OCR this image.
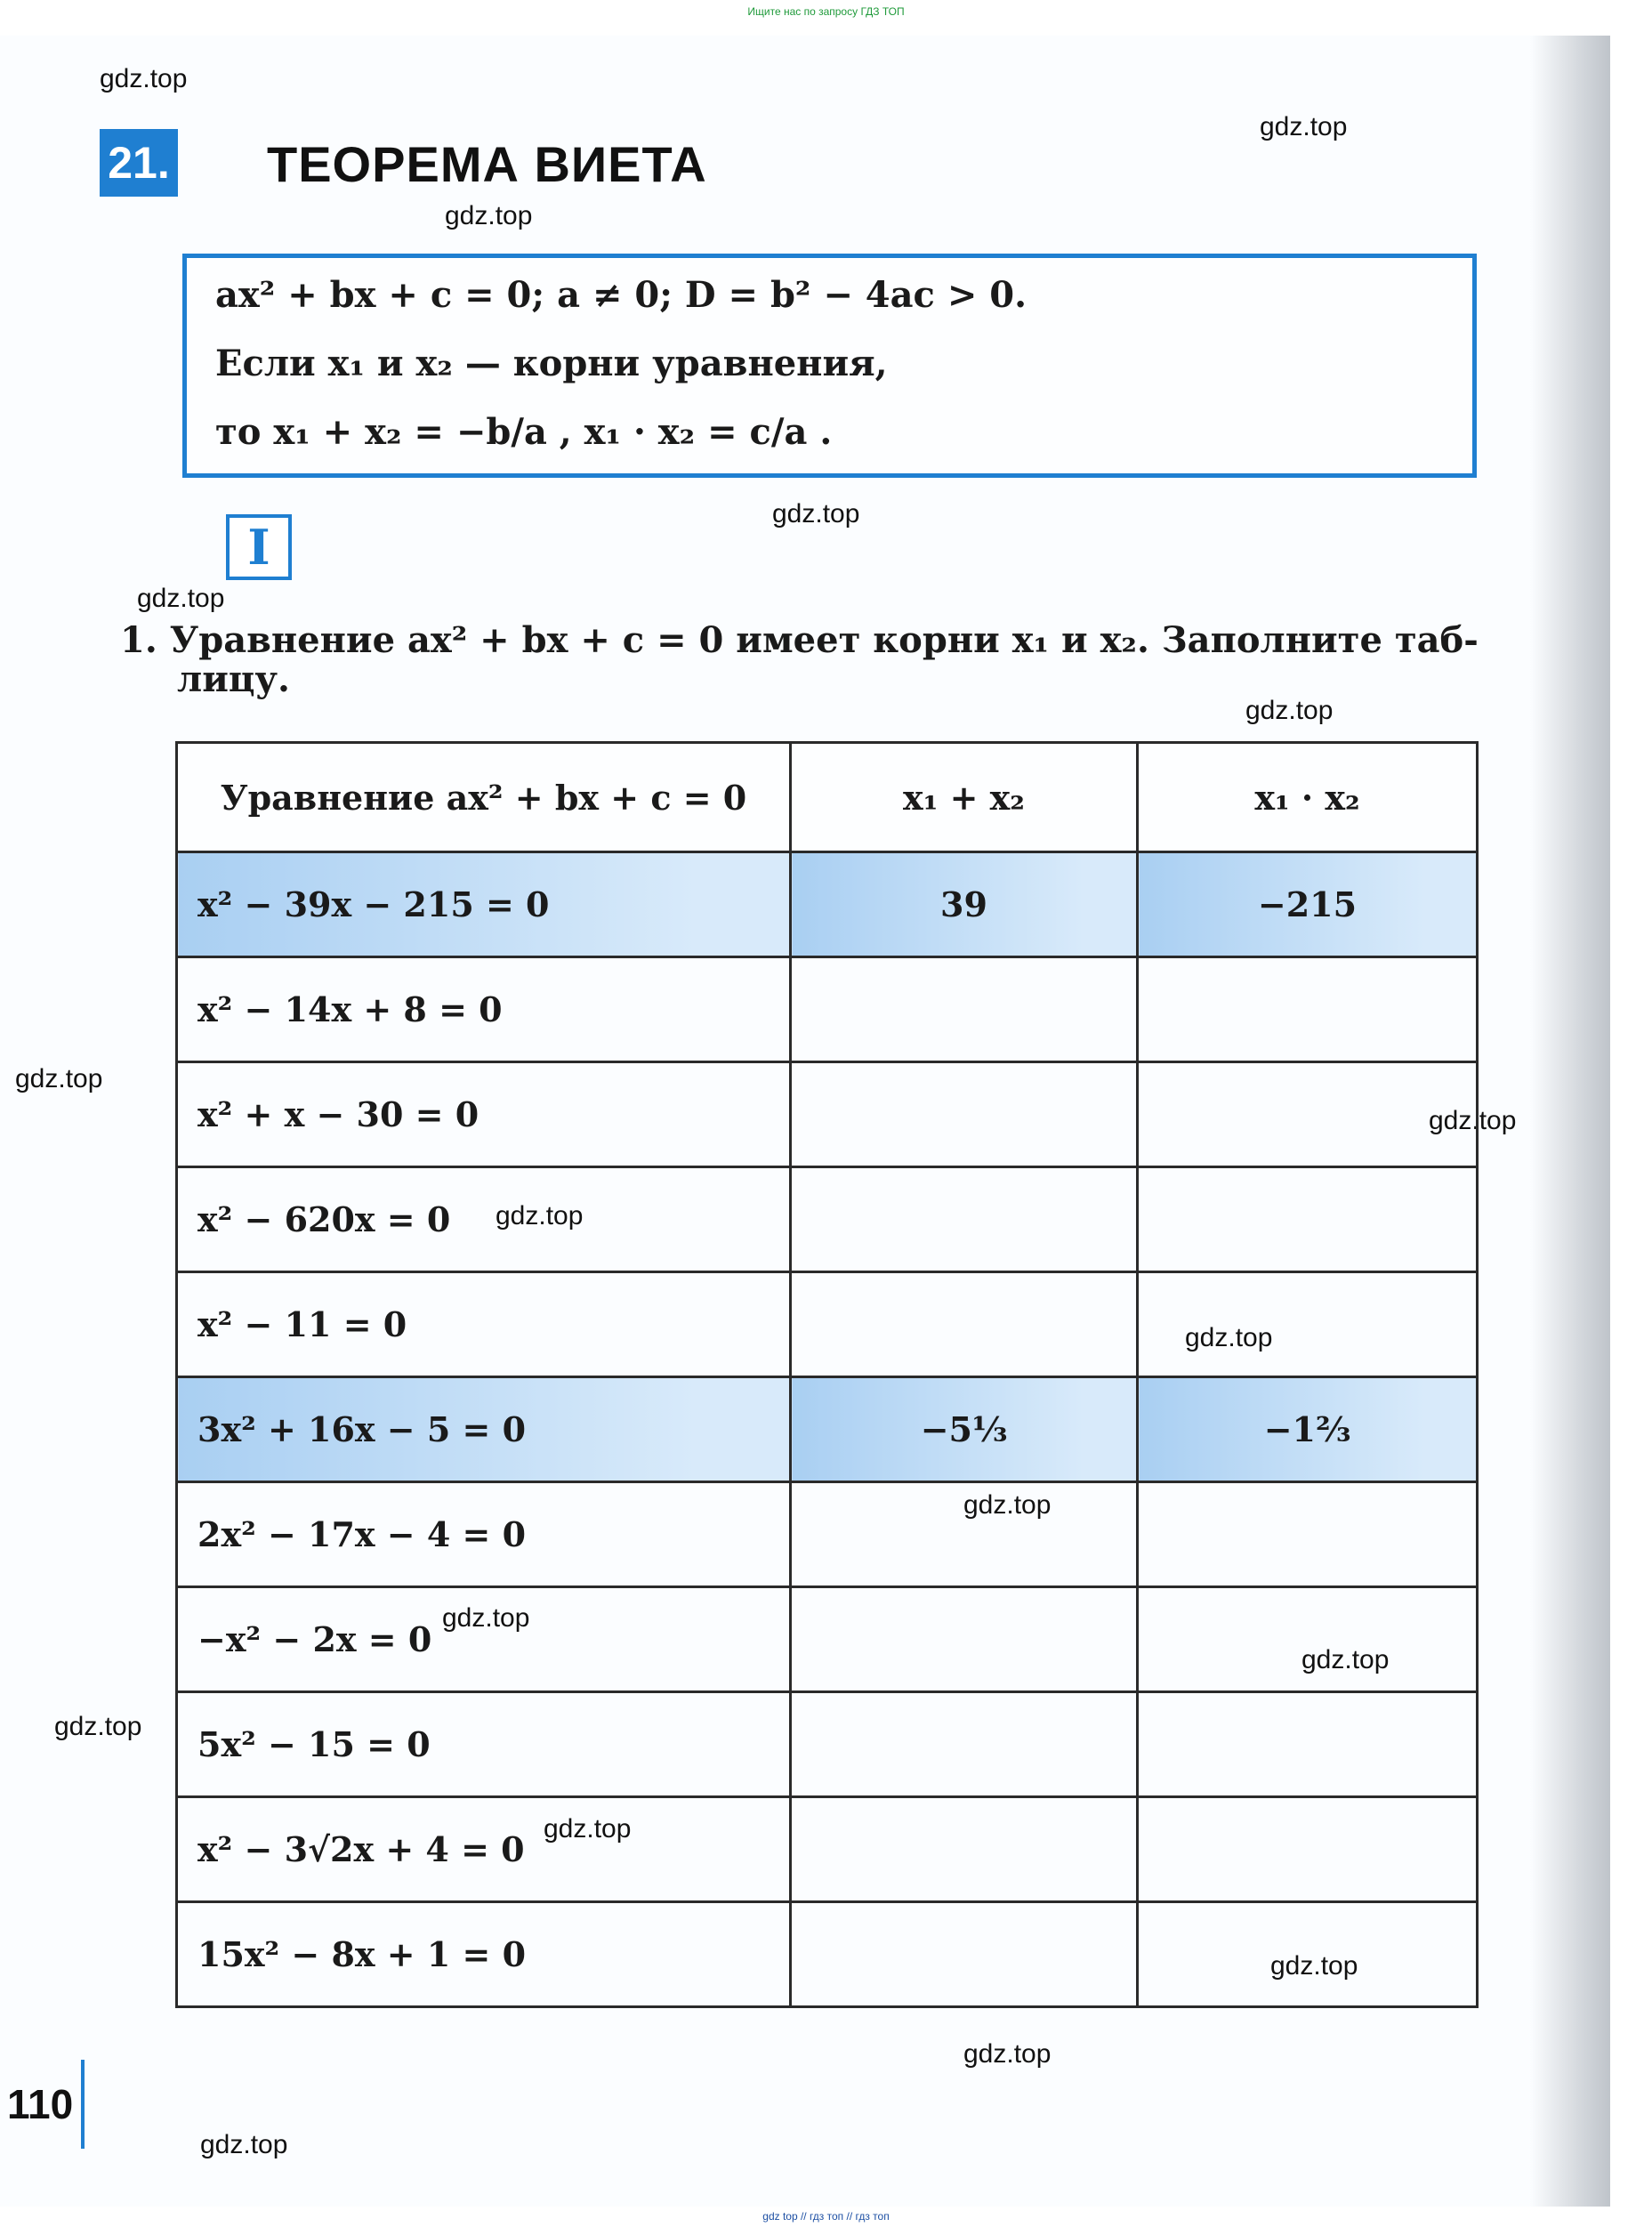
Ищите нас по запросу ГДЗ ТОП
gdz.top
gdz.top
gdz.top
gdz.top
gdz.top
gdz.top
gdz.top
gdz.top
gdz.top
gdz.top
gdz.top
gdz.top
gdz.top
gdz.top
gdz.top
gdz.top
gdz.top
gdz.top
21. ТЕОРЕМА ВИЕТА
ax² + bx + c = 0; a ≠ 0; D = b² − 4ac > 0.
Если x₁ и x₂ — корни уравнения,
то x₁ + x₂ = −b/a , x₁ · x₂ = c/a .
I
1. Уравнение ax² + bx + c = 0 имеет корни x₁ и x₂. Заполните таб-
лицу.
Уравнение ax² + bx + c = 0	x₁ + x₂	x₁ · x₂
x² − 39x − 215 = 0	39	−215
x² − 14x + 8 = 0		
x² + x − 30 = 0		
x² − 620x = 0		
x² − 11 = 0		
3x² + 16x − 5 = 0	−5⅓	−1⅔
2x² − 17x − 4 = 0		
−x² − 2x = 0		
5x² − 15 = 0		
x² − 3√2x + 4 = 0		
15x² − 8x + 1 = 0		
110
gdz top // гдз топ // гдз топ
